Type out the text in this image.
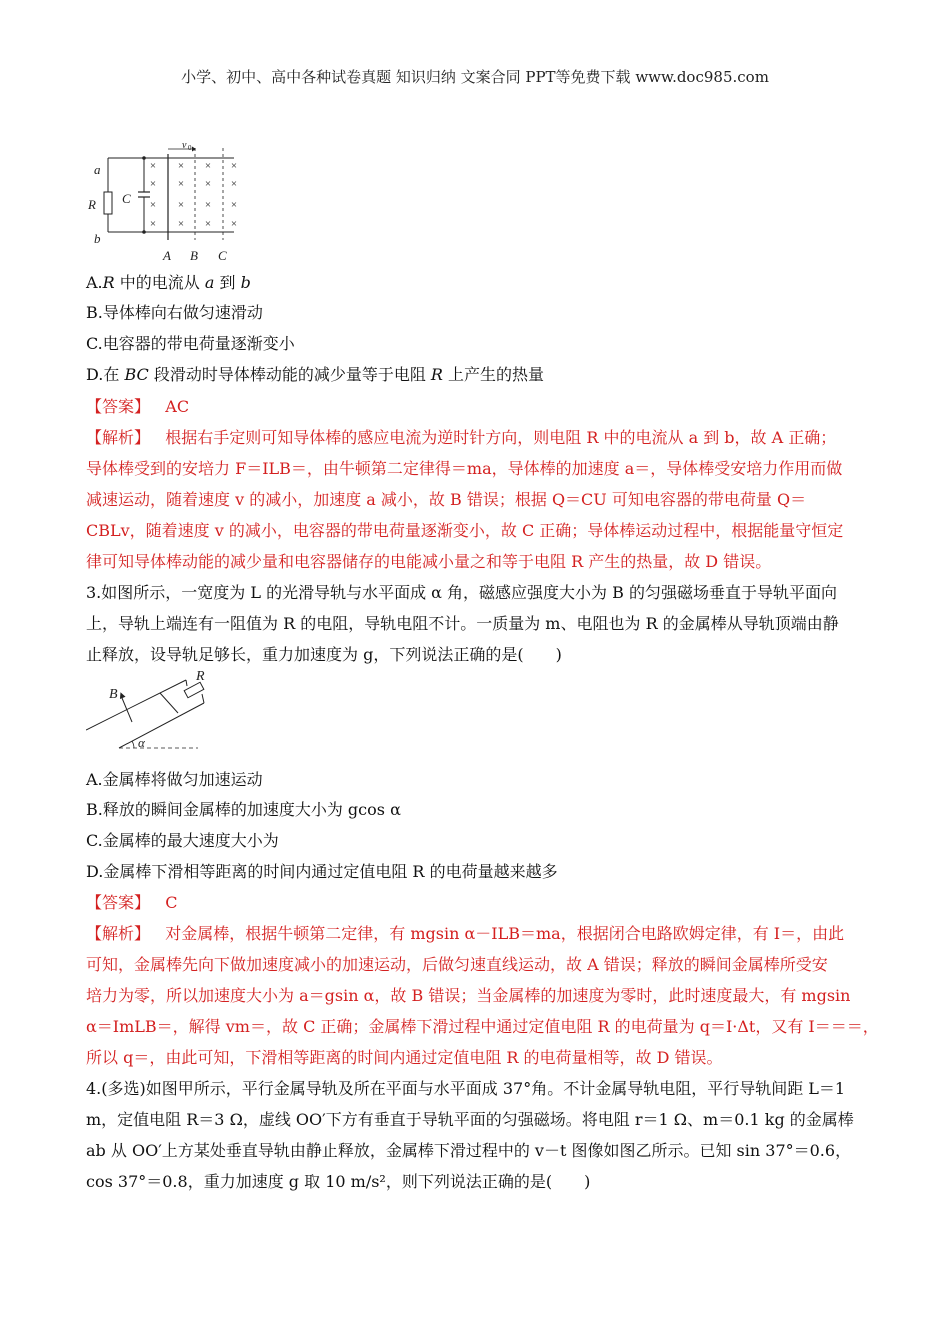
小学、初中、高中各种试卷真题 知识归纳 文案合同 PPT等免费下载 www.doc985.com
×
×
×
×
×
×
×
×
×
×
×
×
× × ×
×
v 0
a
b
R C
A B C
A.R 中的电流从 a 到 b
B.导体棒向右做匀速滑动
C.电容器的带电荷量逐渐变小
D.在 BC 段滑动时导体棒动能的减少量等于电阻 R 上产生的热量
【答案】 AC
【解析】 根据右手定则可知导体棒的感应电流为逆时针方向，则电阻 R 中的电流从 a 到 b，故 A 正确；
导体棒受到的安培力 F＝ILB＝，由牛顿第二定律得＝ma，导体棒的加速度 a＝，导体棒受安培力作用而做
减速运动，随着速度 v 的减小，加速度 a 减小，故 B 错误；根据 Q＝CU 可知电容器的带电荷量 Q＝
CBLv，随着速度 v 的减小，电容器的带电荷量逐渐变小，故 C 正确；导体棒运动过程中，根据能量守恒定
律可知导体棒动能的减少量和电容器储存的电能减小量之和等于电阻 R 产生的热量，故 D 错误。
3.如图所示，一宽度为 L 的光滑导轨与水平面成 α 角，磁感应强度大小为 B 的匀强磁场垂直于导轨平面向
上，导轨上端连有一阻值为 R 的电阻，导轨电阻不计。一质量为 m、电阻也为 R 的金属棒从导轨顶端由静
止释放，设导轨足够长，重力加速度为 g，下列说法正确的是(　　)
B
R
α
A.金属棒将做匀加速运动
B.释放的瞬间金属棒的加速度大小为 gcos α
C.金属棒的最大速度大小为
D.金属棒下滑相等距离的时间内通过定值电阻 R 的电荷量越来越多
【答案】 C
【解析】 对金属棒，根据牛顿第二定律，有 mgsin α－ILB＝ma，根据闭合电路欧姆定律，有 I＝，由此
可知，金属棒先向下做加速度减小的加速运动，后做匀速直线运动，故 A 错误；释放的瞬间金属棒所受安
培力为零，所以加速度大小为 a＝gsin α，故 B 错误；当金属棒的加速度为零时，此时速度最大，有 mgsin
α＝ImLB＝，解得 vm＝，故 C 正确；金属棒下滑过程中通过定值电阻 R 的电荷量为 q＝I·Δt，又有 I＝＝＝，
所以 q＝，由此可知，下滑相等距离的时间内通过定值电阻 R 的电荷量相等，故 D 错误。
4.(多选)如图甲所示，平行金属导轨及所在平面与水平面成 37°角。不计金属导轨电阻，平行导轨间距 L＝1
m，定值电阻 R＝3 Ω，虚线 OO′下方有垂直于导轨平面的匀强磁场。将电阻 r＝1 Ω、m＝0.1 kg 的金属棒
ab 从 OO′上方某处垂直导轨由静止释放，金属棒下滑过程中的 v－t 图像如图乙所示。已知 sin 37°＝0.6，
cos 37°＝0.8，重力加速度 g 取 10 m/s²，则下列说法正确的是(　　)
